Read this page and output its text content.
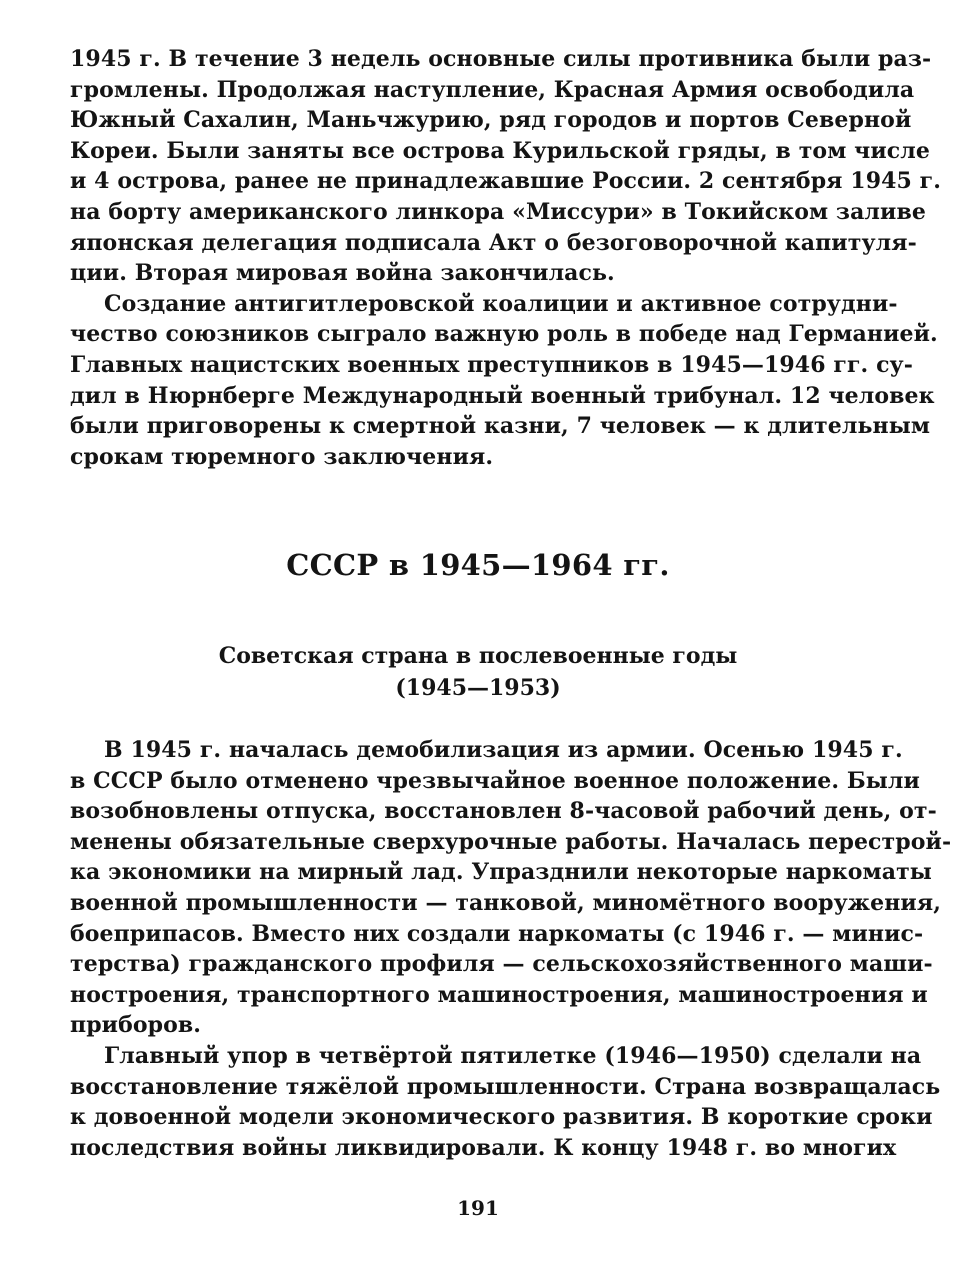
1945 г. В течение 3 недель основные силы противника были раз-
громлены. Продолжая наступление, Красная Армия освободила
Южный Сахалин, Маньчжурию, ряд городов и портов Северной
Кореи. Были заняты все острова Курильской гряды, в том числе
и 4 острова, ранее не принадлежавшие России. 2 сентября 1945 г.
на борту американского линкора «Миссури» в Токийском заливе
японская делегация подписала Акт о безоговорочной капитуля-
ции. Вторая мировая война закончилась.
Создание антигитлеровской коалиции и активное сотрудни-
чество союзников сыграло важную роль в победе над Германией.
Главных нацистских военных преступников в 1945—1946 гг. су-
дил в Нюрнберге Международный военный трибунал. 12 человек
были приговорены к смертной казни, 7 человек — к длительным
срокам тюремного заключения.
СССР в 1945—1964 гг.
Советская страна в послевоенные годы
(1945—1953)
В 1945 г. началась демобилизация из армии. Осенью 1945 г.
в СССР было отменено чрезвычайное военное положение. Были
возобновлены отпуска, восстановлен 8-часовой рабочий день, от-
менены обязательные сверхурочные работы. Началась перестрой-
ка экономики на мирный лад. Упразднили некоторые наркоматы
военной промышленности — танковой, миномётного вооружения,
боеприпасов. Вместо них создали наркоматы (с 1946 г. — минис-
терства) гражданского профиля — сельскохозяйственного маши-
ностроения, транспортного машиностроения, машиностроения и
приборов.
Главный упор в четвёртой пятилетке (1946—1950) сделали на
восстановление тяжёлой промышленности. Страна возвращалась
к довоенной модели экономического развития. В короткие сроки
последствия войны ликвидировали. К концу 1948 г. во многих
191
